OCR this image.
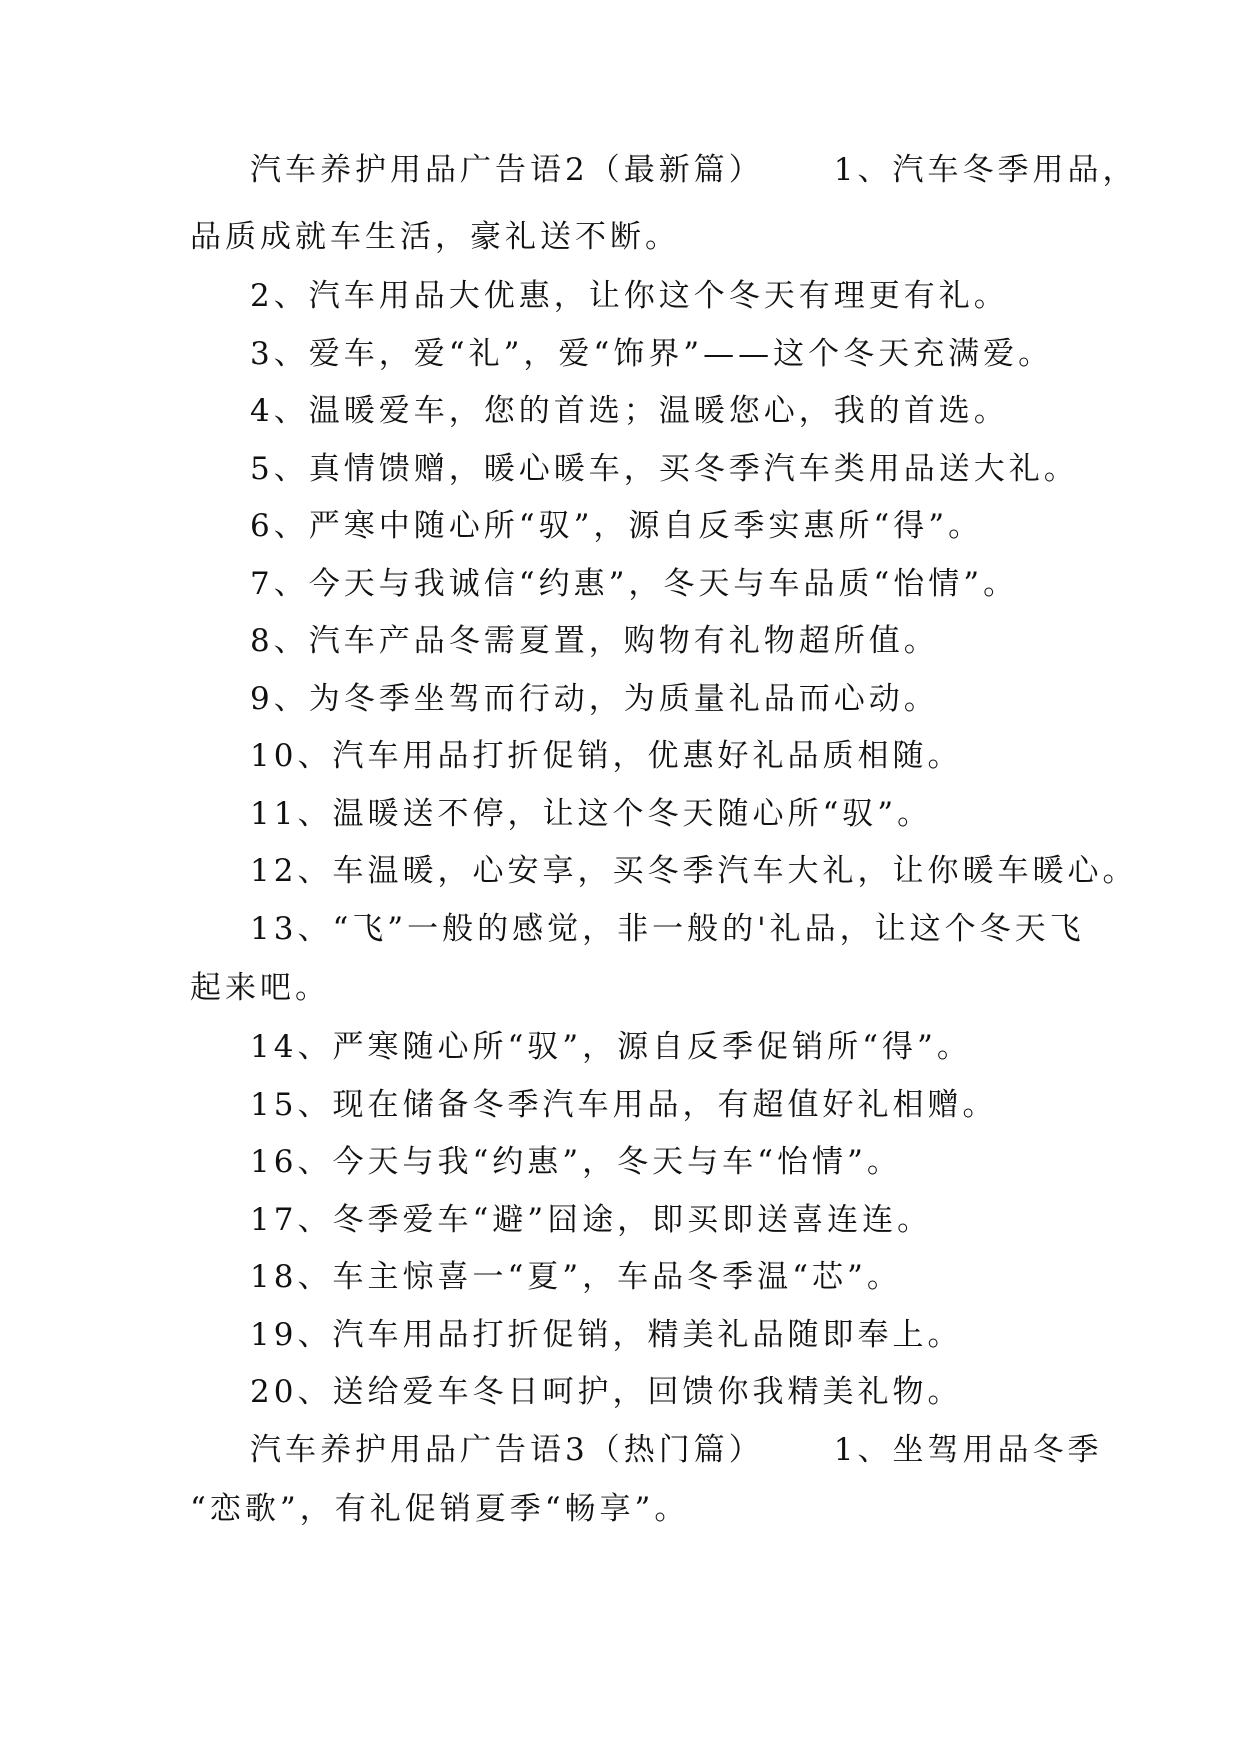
汽车养护用品广告语2（最新篇） 1、汽车冬季用品，

品质成就车生活，豪礼送不断。

2、汽车用品大优惠，让你这个冬天有理更有礼。

3、爱车，爱“礼”，爱“饰界”——这个冬天充满爱。

4、温暖爱车，您的首选；温暖您心，我的首选。

5、真情馈赠，暖心暖车，买冬季汽车类用品送大礼。

6、严寒中随心所“驭”，源自反季实惠所“得”。

7、今天与我诚信“约惠”，冬天与车品质“怡情”。

8、汽车产品冬需夏置，购物有礼物超所值。

9、为冬季坐驾而行动，为质量礼品而心动。

10、汽车用品打折促销，优惠好礼品质相随。

11、温暖送不停，让这个冬天随心所“驭”。

12、车温暖，心安享，买冬季汽车大礼，让你暖车暖心。

13、“飞”一般的感觉，非一般的'礼品，让这个冬天飞

起来吧。

14、严寒随心所“驭”，源自反季促销所“得”。

15、现在储备冬季汽车用品，有超值好礼相赠。

16、今天与我“约惠”，冬天与车“怡情”。

17、冬季爱车“避”囧途，即买即送喜连连。

18、车主惊喜一“夏”，车品冬季温“芯”。

19、汽车用品打折促销，精美礼品随即奉上。

20、送给爱车冬日呵护，回馈你我精美礼物。

汽车养护用品广告语3（热门篇） 1、坐驾用品冬季

“恋歌”，有礼促销夏季“畅享”。
